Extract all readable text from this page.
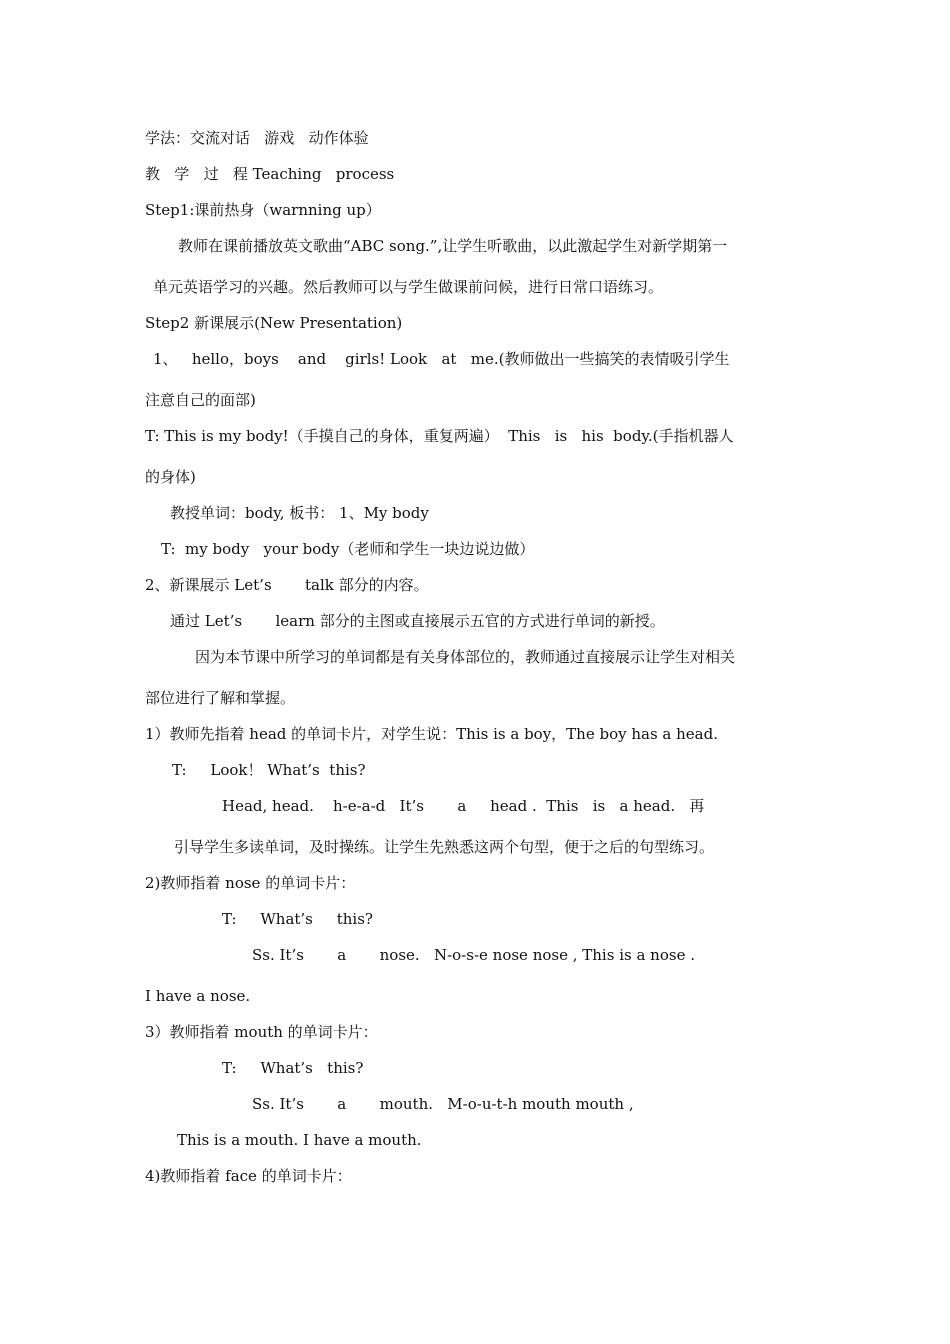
学法：交流对话   游戏   动作体验
教   学   过   程 Teaching   process
Step1:课前热身（warnning up）
教师在课前播放英文歌曲“ABC song.”,让学生听歌曲，以此激起学生对新学期第一
单元英语学习的兴趣。然后教师可以与学生做课前问候，进行日常口语练习。
Step2 新课展示(New Presentation)
1、   hello，boys    and    girls! Look   at   me.(教师做出一些搞笑的表情吸引学生
注意自己的面部)
T: This is my body!（手摸自己的身体，重复两遍）  This   is   his  body.(手指机器人
的身体)
教授单词：body, 板书： 1、My body
T:  my body   your body（老师和学生一块边说边做）
2、新课展示 Let’s       talk 部分的内容。
通过 Let’s       learn 部分的主图或直接展示五官的方式进行单词的新授。
因为本节课中所学习的单词都是有关身体部位的，教师通过直接展示让学生对相关
部位进行了解和掌握。
1）教师先指着 head 的单词卡片，对学生说：This is a boy，The boy has a head.
T:     Look！ What’s  this?
Head, head.    h-e-a-d   It’s       a     head .  This   is   a head.   再
引导学生多读单词，及时操练。让学生先熟悉这两个句型，便于之后的句型练习。
2)教师指着 nose 的单词卡片：
T:     What’s     this?
Ss. It’s       a       nose.   N-o-s-e nose nose , This is a nose .
I have a nose.
3）教师指着 mouth 的单词卡片：
T:     What’s   this?
Ss. It’s       a       mouth.   M-o-u-t-h mouth mouth ,
This is a mouth. I have a mouth.
4)教师指着 face 的单词卡片：
